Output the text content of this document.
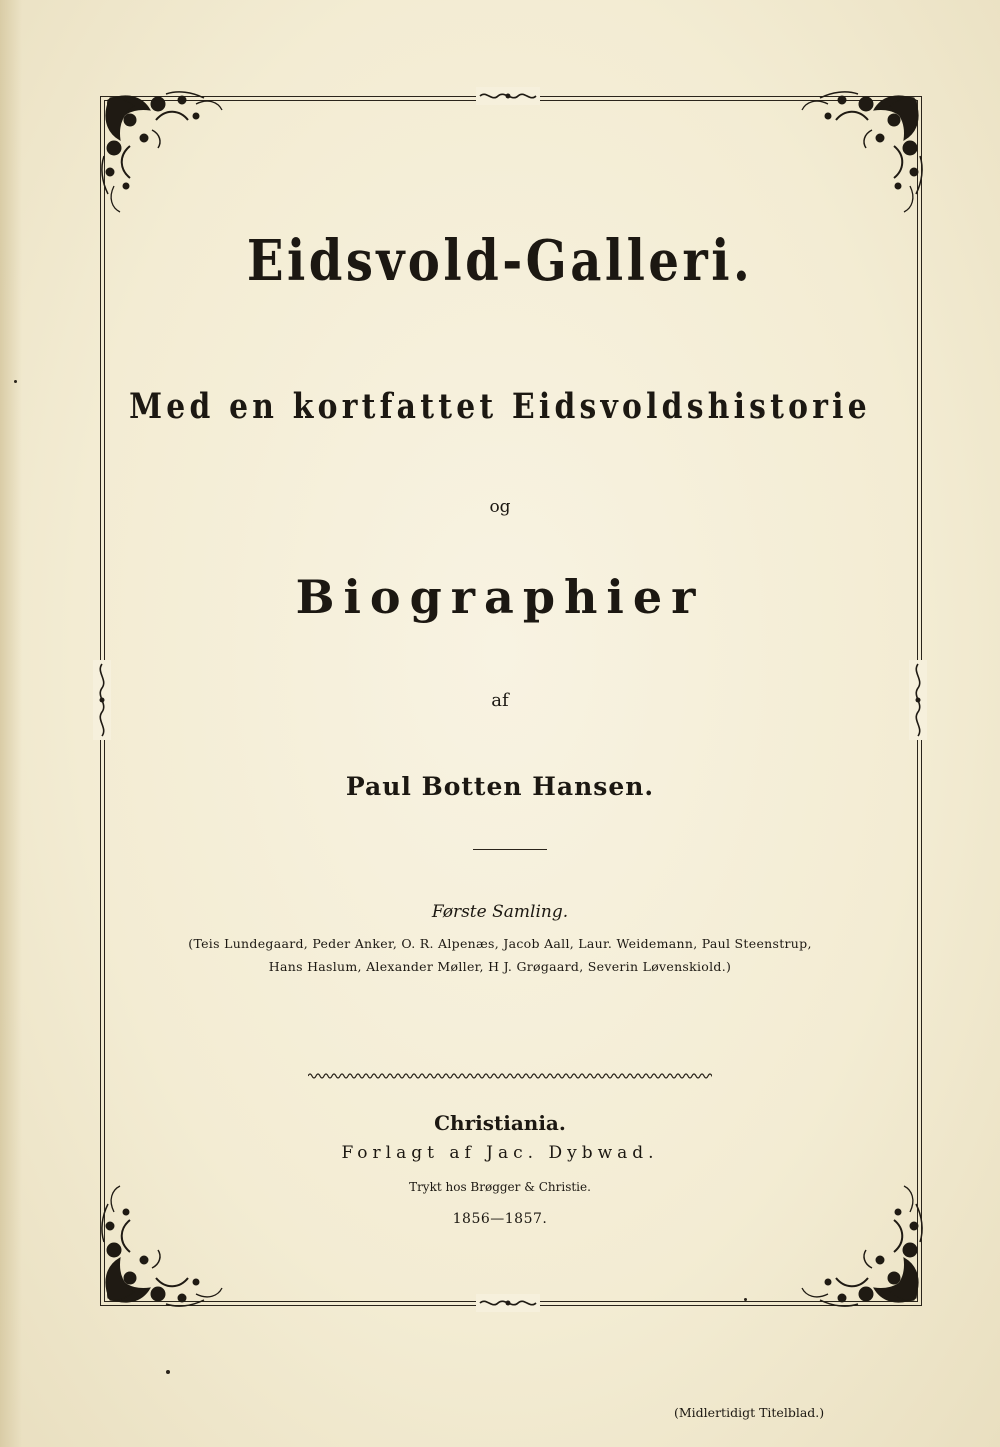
Eidsvold-Galleri.
Med en kortfattet Eidsvoldshistorie
og
Biographier
af
Paul Botten Hansen.
Første Samling.
(Teis Lundegaard, Peder Anker, O. R. Alpenæs, Jacob Aall, Laur. Weidemann, Paul Steenstrup,
Hans Haslum, Alexander Møller, H J. Grøgaard, Severin Løvenskiold.)
Christiania.
Forlagt af Jac. Dybwad.
Trykt hos Brøgger & Christie.
1856—1857.
(Midlertidigt Titelblad.)
